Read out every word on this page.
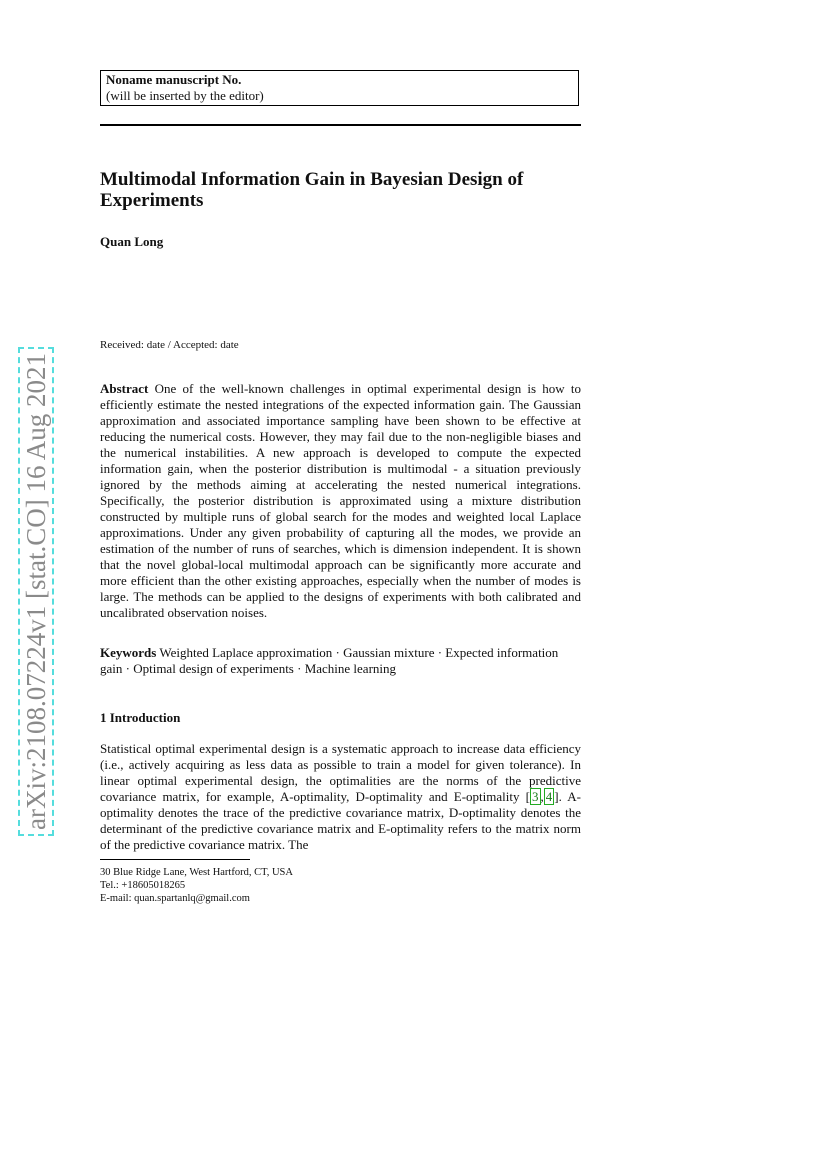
Noname manuscript No.
(will be inserted by the editor)
Multimodal Information Gain in Bayesian Design of Experiments
Quan Long
Received: date / Accepted: date

Abstract One of the well-known challenges in optimal experimental design is how to efficiently estimate the nested integrations of the expected information gain. The Gaussian approximation and associated importance sampling have been shown to be effective at reducing the numerical costs. However, they may fail due to the non-negligible biases and the numerical instabilities. A new approach is developed to compute the expected information gain, when the posterior distribution is multimodal - a situation previously ignored by the methods aiming at accelerating the nested numerical integrations. Specifically, the posterior distribution is approximated using a mixture distribution constructed by multiple runs of global search for the modes and weighted local Laplace approximations. Under any given probability of capturing all the modes, we provide an estimation of the number of runs of searches, which is dimension independent. It is shown that the novel global-local multimodal approach can be significantly more accurate and more efficient than the other existing approaches, especially when the number of modes is large. The methods can be applied to the designs of experiments with both calibrated and uncalibrated observation noises.

Keywords Weighted Laplace approximation · Gaussian mixture · Expected information gain · Optimal design of experiments · Machine learning
1 Introduction

Statistical optimal experimental design is a systematic approach to increase data efficiency (i.e., actively acquiring as less data as possible to train a model for given tolerance). In linear optimal experimental design, the optimalities are the norms of the predictive covariance matrix, for example, A-optimality, D-optimality and E-optimality [ 3 , 4 ]. A-optimality denotes the trace of the predictive covariance matrix, D-optimality denotes the determinant of the predictive covariance matrix and E-optimality refers to the matrix norm of the predictive covariance matrix. The

30 Blue Ridge Lane, West Hartford, CT, USA
Tel.: +18605018265
E-mail: quan.spartanlq@gmail.com
arXiv:2108.07224v1 [stat.CO] 16 Aug 2021
